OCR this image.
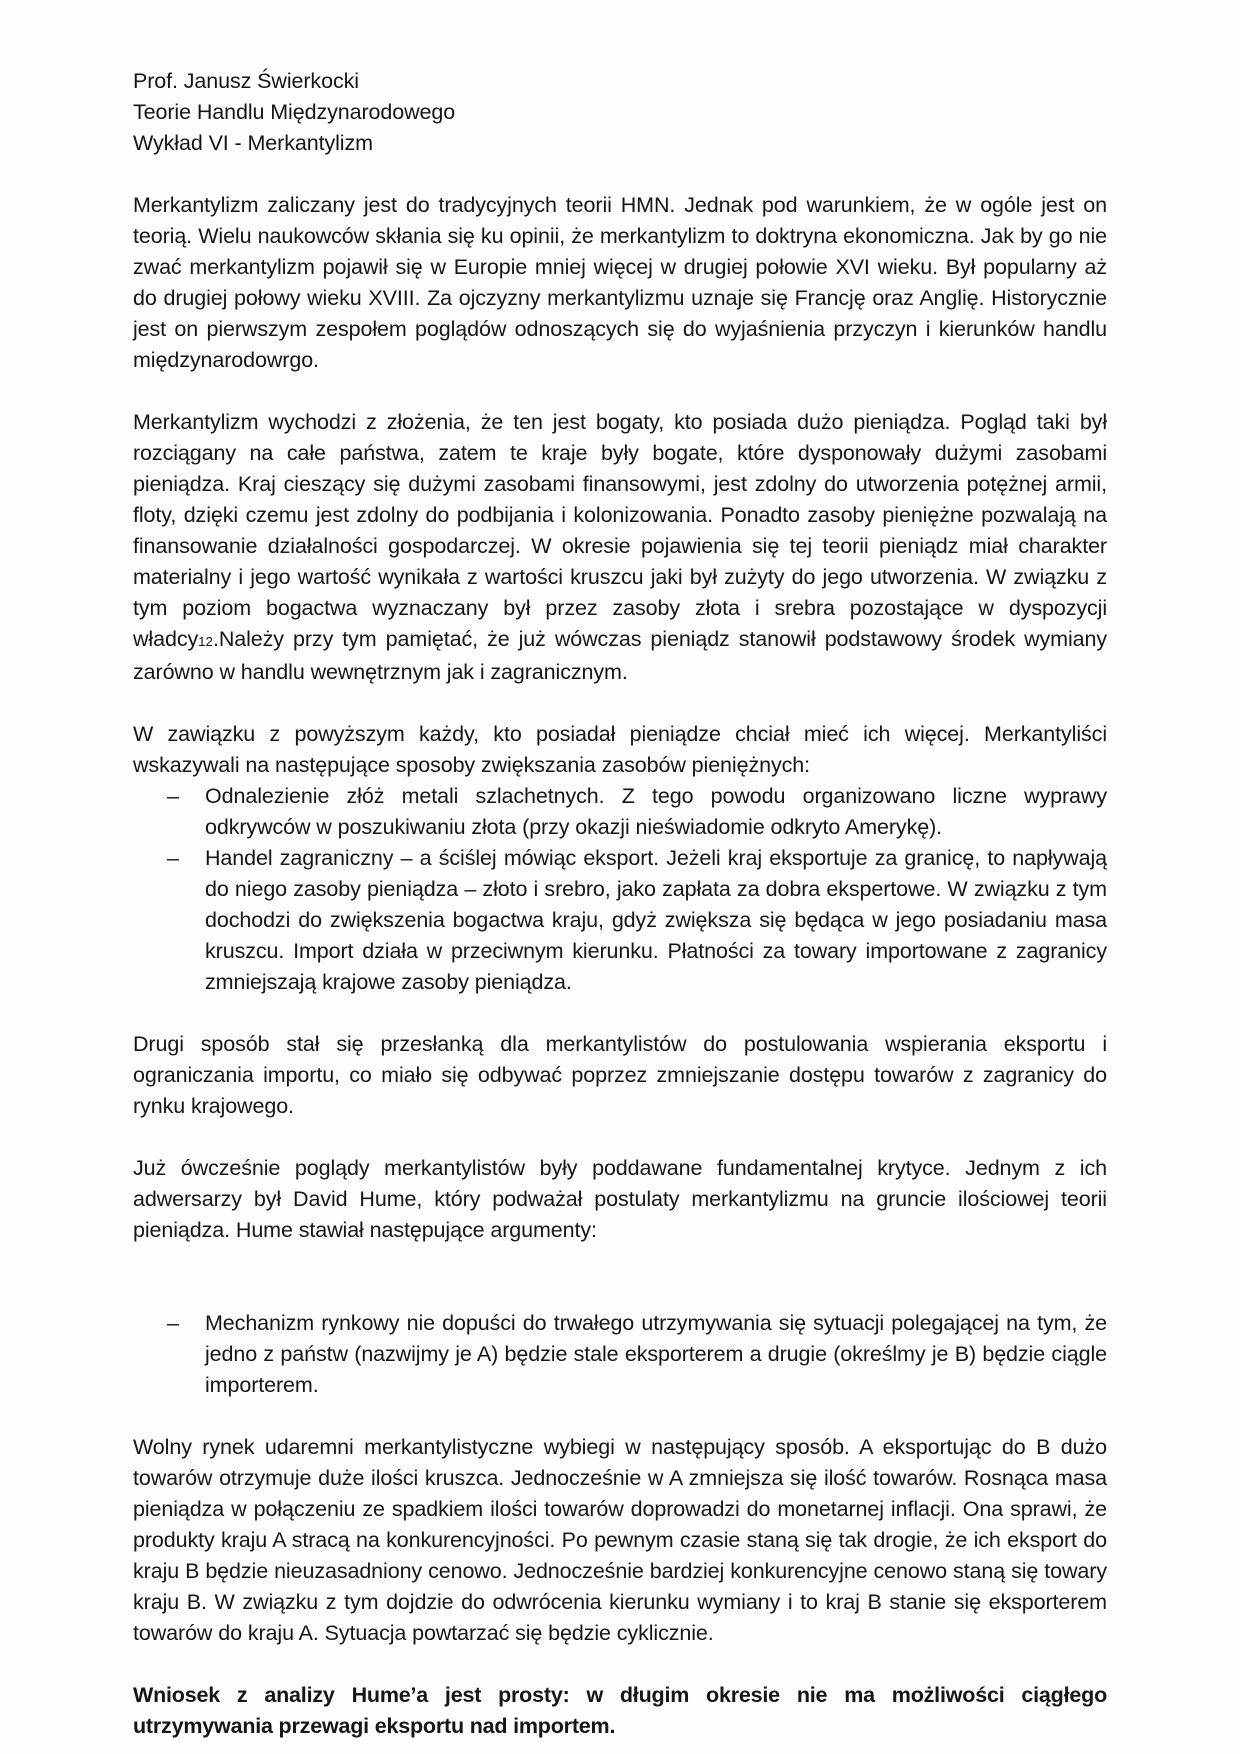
Prof. Janusz Świerkocki
Teorie Handlu Międzynarodowego
Wykład VI - Merkantylizm

Merkantylizm zaliczany jest do tradycyjnych teorii HMN. Jednak pod warunkiem, że w ogóle jest on teorią. Wielu naukowców skłania się ku opinii, że merkantylizm to doktryna ekonomiczna. Jak by go nie zwać merkantylizm pojawił się w Europie mniej więcej w drugiej połowie XVI wieku. Był popularny aż do drugiej połowy wieku XVIII. Za ojczyzny merkantylizmu uznaje się Francję oraz Anglię. Historycznie jest on pierwszym zespołem poglądów odnoszących się do wyjaśnienia przyczyn i kierunków handlu międzynarodowrgo.

Merkantylizm wychodzi z złożenia, że ten jest bogaty, kto posiada dużo pieniądza. Pogląd taki był rozciągany na całe państwa, zatem te kraje były bogate, które dysponowały dużymi zasobami pieniądza. Kraj cieszący się dużymi zasobami finansowymi, jest zdolny do utworzenia potężnej armii, floty, dzięki czemu jest zdolny do podbijania i kolonizowania. Ponadto zasoby pieniężne pozwalają na finansowanie działalności gospodarczej. W okresie pojawienia się tej teorii pieniądz miał charakter materialny i jego wartość wynikała z wartości kruszcu jaki był zużyty do jego utworzenia. W związku z tym poziom bogactwa wyznaczany był przez zasoby złota i srebra pozostające w dyspozycji władcy12.Należy przy tym pamiętać, że już wówczas pieniądz stanowił podstawowy środek wymiany zarówno w handlu wewnętrznym jak i zagranicznym.

W zawiązku z powyższym każdy, kto posiadał pieniądze chciał mieć ich więcej. Merkantyliści wskazywali na następujące sposoby zwiększania zasobów pieniężnych:

–	Odnalezienie złóż metali szlachetnych. Z tego powodu organizowano liczne wyprawy odkrywców w poszukiwaniu złota (przy okazji nieświadomie odkryto Amerykę).
–	Handel zagraniczny – a ściślej mówiąc eksport. Jeżeli kraj eksportuje za granicę, to napływają do niego zasoby pieniądza – złoto i srebro, jako zapłata za dobra ekspertowe. W związku z tym dochodzi do zwiększenia bogactwa kraju, gdyż zwiększa się będąca w jego posiadaniu masa kruszcu. Import działa w przeciwnym kierunku. Płatności za towary importowane z zagranicy zmniejszają krajowe zasoby pieniądza.

Drugi sposób stał się przesłanką dla merkantylistów do postulowania wspierania eksportu i ograniczania importu, co miało się odbywać poprzez zmniejszanie dostępu towarów z zagranicy do rynku krajowego.

Już ówcześnie poglądy merkantylistów były poddawane fundamentalnej krytyce. Jednym z ich adwersarzy był David Hume, który podważał postulaty merkantylizmu na gruncie ilościowej teorii pieniądza. Hume stawiał następujące argumenty:

–	Mechanizm rynkowy nie dopuści do trwałego utrzymywania się sytuacji polegającej na tym, że jedno z państw (nazwijmy je A) będzie stale eksporterem a drugie (określmy je B) będzie ciągle importerem.

Wolny rynek udaremni merkantylistyczne wybiegi w następujący sposób. A eksportując do B dużo towarów otrzymuje duże ilości kruszca. Jednocześnie w A zmniejsza się ilość towarów. Rosnąca masa pieniądza w połączeniu ze spadkiem ilości towarów doprowadzi do monetarnej inflacji. Ona sprawi, że produkty kraju A stracą na konkurencyjności. Po pewnym czasie staną się tak drogie, że ich eksport do kraju B będzie nieuzasadniony cenowo. Jednocześnie bardziej konkurencyjne cenowo staną się towary kraju B. W związku z tym dojdzie do odwrócenia kierunku wymiany i to kraj B stanie się eksporterem towarów do kraju A. Sytuacja powtarzać się będzie cyklicznie.

Wniosek z analizy Hume’a jest prosty: w długim okresie nie ma możliwości ciągłego utrzymywania przewagi eksportu nad importem.
